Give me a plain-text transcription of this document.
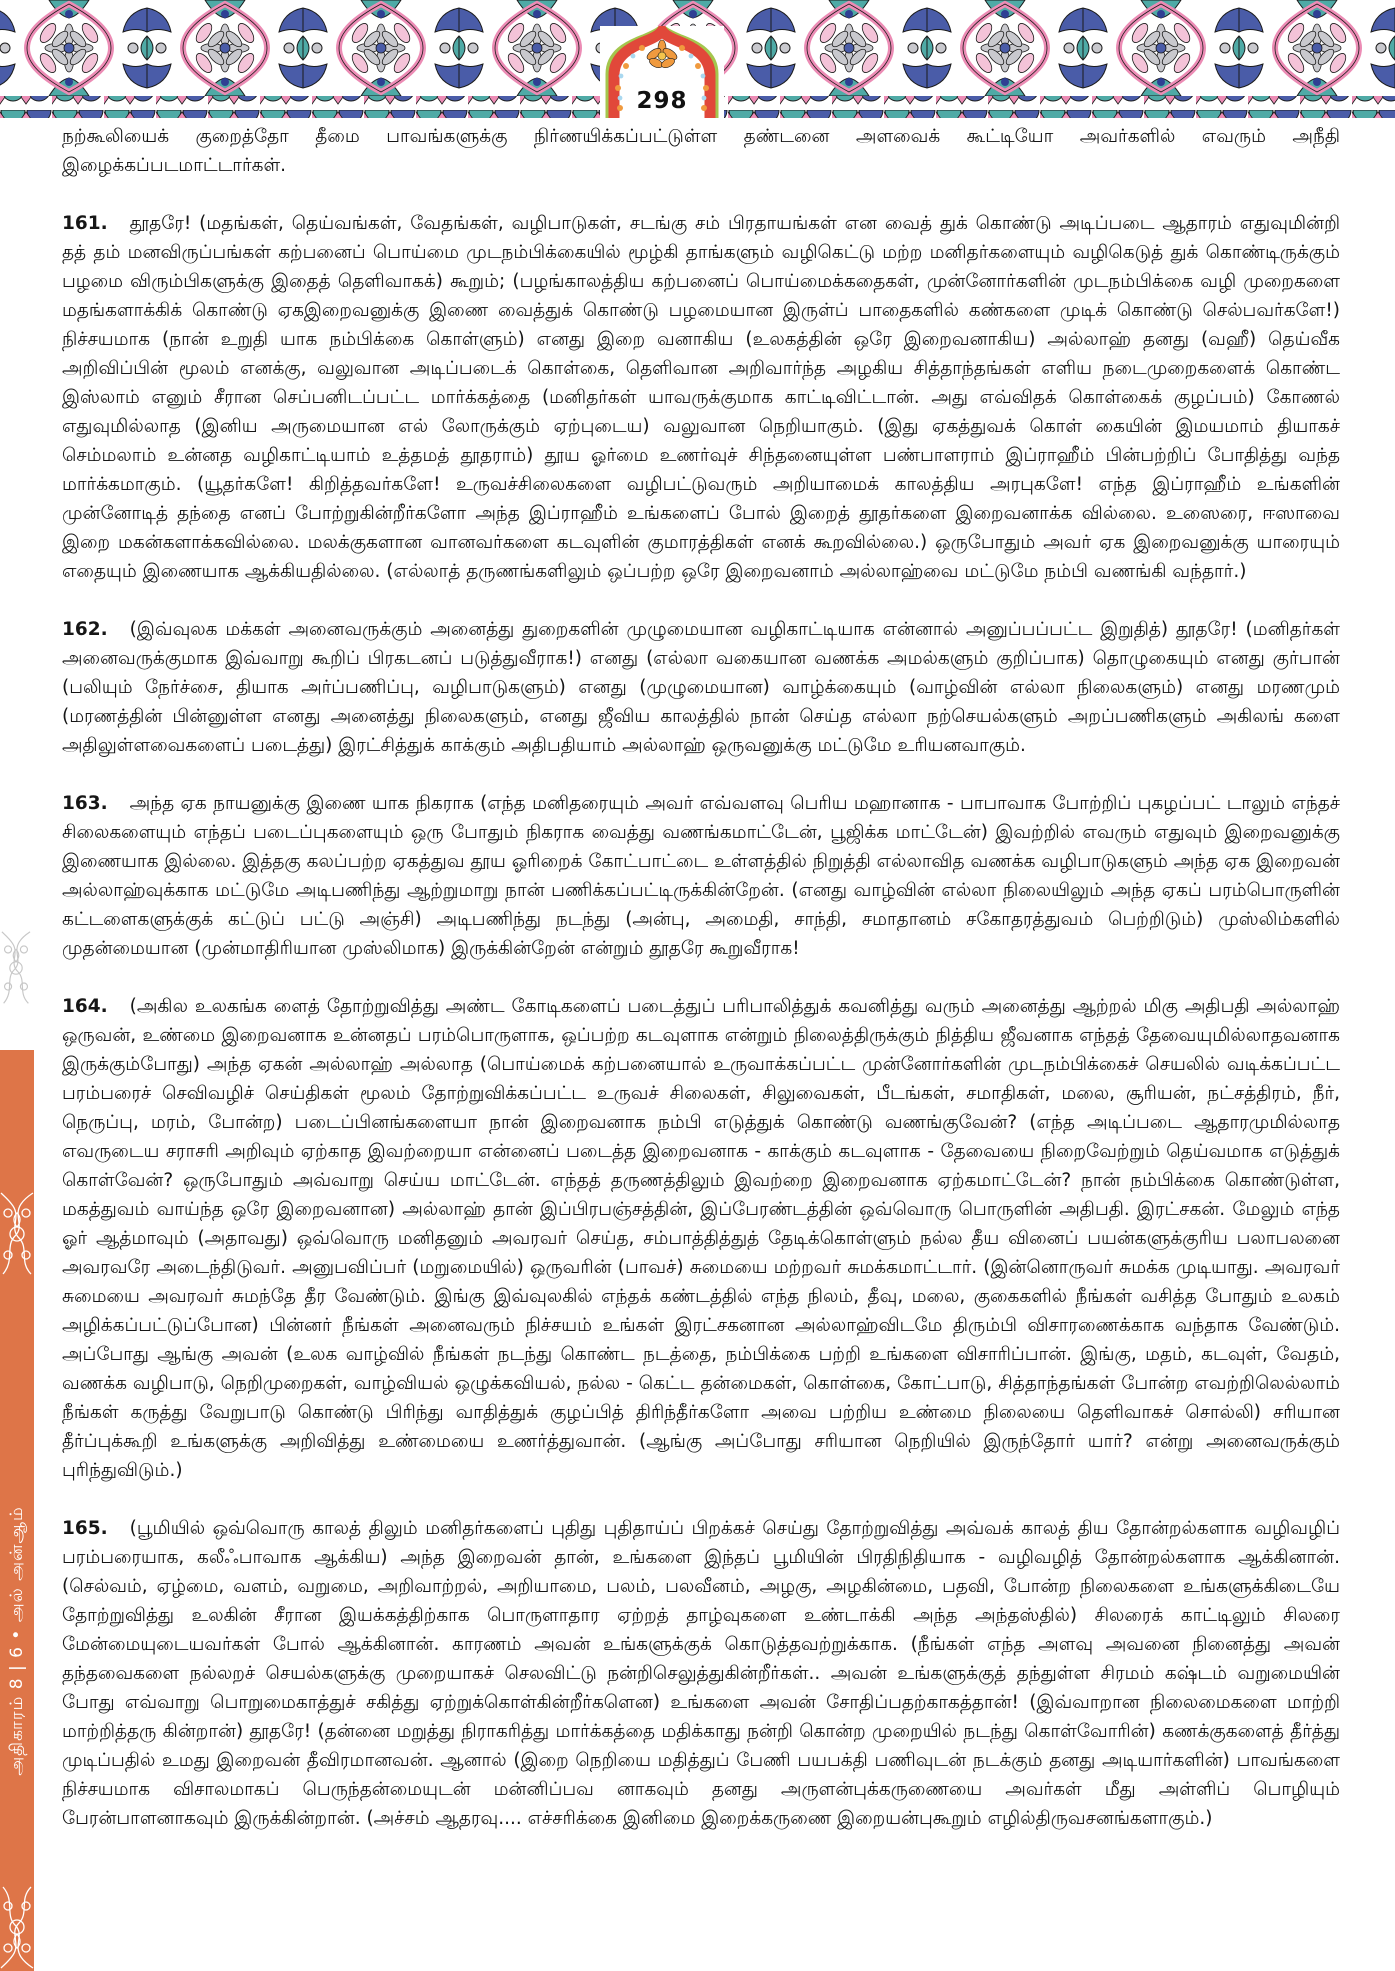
298
அதிகாரம் 8 | 6 • அல் அன்ஆம்

நற்கூலியைக் குறைத்தோ தீமை பாவங்களுக்கு நிர்ணயிக்கப்பட்டுள்ள தண்டனை அளவைக் கூட்டியோ அவர்களில் எவரும் அநீதி இழைக்கப்படமாட்டார்கள்.

161. தூதரே! (மதங்கள், தெய்வங்கள், வேதங்கள், வழிபாடுகள், சடங்கு சம் பிரதாயங்கள் என வைத் துக் கொண்டு அடிப்படை ஆதாரம் எதுவுமின்றி தத் தம் மனவிருப்பங்கள் கற்பனைப் பொய்மை முடநம்பிக்கையில் மூழ்கி தாங்களும் வழிகெட்டு மற்ற மனிதர்களையும் வழிகெடுத் துக் கொண்டிருக்கும் பழமை விரும்பிகளுக்கு இதைத் தெளிவாகக்) கூறும்; (பழங்காலத்திய கற்பனைப் பொய்மைக்கதைகள், முன்னோர்களின் முடநம்பிக்கை வழி முறைகளை மதங்களாக்கிக் கொண்டு ஏகஇறைவனுக்கு இணை வைத்துக் கொண்டு பழமையான இருள்ப் பாதைகளில் கண்களை முடிக் கொண்டு செல்பவர்களே!) நிச்சயமாக (நான் உறுதி யாக நம்பிக்கை கொள்ளும்) எனது இறை வனாகிய (உலகத்தின் ஒரே இறைவனாகிய) அல்லாஹ் தனது (வஹீ) தெய்வீக அறிவிப்பின் மூலம் எனக்கு, வலுவான அடிப்படைக் கொள்கை, தெளிவான அறிவார்ந்த அழகிய சித்தாந்தங்கள் எளிய நடைமுறைகளைக் கொண்ட இஸ்லாம் எனும் சீரான செப்பனிடப்பட்ட மார்க்கத்தை (மனிதர்கள் யாவருக்குமாக காட்டிவிட்டான். அது எவ்விதக் கொள்கைக் குழப்பம்) கோணல் எதுவுமில்லாத (இனிய அருமையான எல் லோருக்கும் ஏற்புடைய) வலுவான நெறியாகும். (இது ஏகத்துவக் கொள் கையின் இமயமாம் தியாகச் செம்மலாம் உன்னத வழிகாட்டியாம் உத்தமத் தூதராம்) தூய ஓர்மை உணர்வுச் சிந்தனையுள்ள பண்பாளராம் இப்ராஹீம் பின்பற்றிப் போதித்து வந்த மார்க்கமாகும். (யூதர்களே! கிறித்தவர்களே! உருவச்சிலைகளை வழிபட்டுவரும் அறியாமைக் காலத்திய அரபுகளே! எந்த இப்ராஹீம் உங்களின் முன்னோடித் தந்தை எனப் போற்றுகின்றீர்களோ அந்த இப்ராஹீம் உங்களைப் போல் இறைத் தூதர்களை இறைவனாக்க வில்லை. உஸைரை, ஈஸாவை இறை மகன்களாக்கவில்லை. மலக்குகளான வானவர்களை கடவுளின் குமாரத்திகள் எனக் கூறவில்லை.) ஒருபோதும் அவர் ஏக இறைவனுக்கு யாரையும் எதையும் இணையாக ஆக்கியதில்லை. (எல்லாத் தருணங்களிலும் ஒப்பற்ற ஒரே இறைவனாம் அல்லாஹ்வை மட்டுமே நம்பி வணங்கி வந்தார்.)

162. (இவ்வுலக மக்கள் அனைவருக்கும் அனைத்து துறைகளின் முழுமையான வழிகாட்டியாக என்னால் அனுப்பப்பட்ட இறுதித்) தூதரே! (மனிதர்கள் அனைவருக்குமாக இவ்வாறு கூறிப் பிரகடனப் படுத்துவீராக!) எனது (எல்லா வகையான வணக்க அமல்களும் குறிப்பாக) தொழுகையும் எனது குர்பான் (பலியும் நேர்ச்சை, தியாக அர்ப்பணிப்பு, வழிபாடுகளும்) எனது (முழுமையான) வாழ்க்கையும் (வாழ்வின் எல்லா நிலைகளும்) எனது மரணமும் (மரணத்தின் பின்னுள்ள எனது அனைத்து நிலைகளும், எனது ஜீவிய காலத்தில் நான் செய்த எல்லா நற்செயல்களும் அறப்பணிகளும் அகிலங் களை அதிலுள்ளவைகளைப் படைத்து) இரட்சித்துக் காக்கும் அதிபதியாம் அல்லாஹ் ஒருவனுக்கு மட்டுமே உரியனவாகும்.

163. அந்த ஏக நாயனுக்கு இணை யாக நிகராக (எந்த மனிதரையும் அவர் எவ்வளவு பெரிய மஹானாக - பாபாவாக போற்றிப் புகழப்பட் டாலும் எந்தச் சிலைகளையும் எந்தப் படைப்புகளையும் ஒரு போதும் நிகராக வைத்து வணங்கமாட்டேன், பூஜிக்க மாட்டேன்) இவற்றில் எவரும் எதுவும் இறைவனுக்கு இணையாக இல்லை. இத்தகு கலப்பற்ற ஏகத்துவ தூய ஓரிறைக் கோட்பாட்டை உள்ளத்தில் நிறுத்தி எல்லாவித வணக்க வழிபாடுகளும் அந்த ஏக இறைவன் அல்லாஹ்வுக்காக மட்டுமே அடிபணிந்து ஆற்றுமாறு நான் பணிக்கப்பட்டிருக்கின்றேன். (எனது வாழ்வின் எல்லா நிலையிலும் அந்த ஏகப் பரம்பொருளின் கட்டளைகளுக்குக் கட்டுப் பட்டு அஞ்சி) அடிபணிந்து நடந்து (அன்பு, அமைதி, சாந்தி, சமாதானம் சகோதரத்துவம் பெற்றிடும்) முஸ்லிம்களில் முதன்மையான (முன்மாதிரியான முஸ்லிமாக) இருக்கின்றேன் என்றும் தூதரே கூறுவீராக!

164. (அகில உலகங்க ளைத் தோற்றுவித்து அண்ட கோடிகளைப் படைத்துப் பரிபாலித்துக் கவனித்து வரும் அனைத்து ஆற்றல் மிகு அதிபதி அல்லாஹ் ஒருவன், உண்மை இறைவனாக உன்னதப் பரம்பொருளாக, ஒப்பற்ற கடவுளாக என்றும் நிலைத்திருக்கும் நித்திய ஜீவனாக எந்தத் தேவையுமில்லாதவனாக இருக்கும்போது) அந்த ஏகன் அல்லாஹ் அல்லாத (பொய்மைக் கற்பனையால் உருவாக்கப்பட்ட முன்னோர்களின் முடநம்பிக்கைச் செயலில் வடிக்கப்பட்ட பரம்பரைச் செவிவழிச் செய்திகள் மூலம் தோற்றுவிக்கப்பட்ட உருவச் சிலைகள், சிலுவைகள், பீடங்கள், சமாதிகள், மலை, சூரியன், நட்சத்திரம், நீர், நெருப்பு, மரம், போன்ற) படைப்பினங்களையா நான் இறைவனாக நம்பி எடுத்துக் கொண்டு வணங்குவேன்? (எந்த அடிப்படை ஆதாரமுமில்லாத எவருடைய சராசரி அறிவும் ஏற்காத இவற்றையா என்னைப் படைத்த இறைவனாக - காக்கும் கடவுளாக - தேவையை நிறைவேற்றும் தெய்வமாக எடுத்துக் கொள்வேன்? ஒருபோதும் அவ்வாறு செய்ய மாட்டேன். எந்தத் தருணத்திலும் இவற்றை இறைவனாக ஏற்கமாட்டேன்? நான் நம்பிக்கை கொண்டுள்ள, மகத்துவம் வாய்ந்த ஒரே இறைவனான) அல்லாஹ் தான் இப்பிரபஞ்சத்தின், இப்பேரண்டத்தின் ஒவ்வொரு பொருளின் அதிபதி. இரட்சகன். மேலும் எந்த ஓர் ஆத்மாவும் (அதாவது) ஒவ்வொரு மனிதனும் அவரவர் செய்த, சம்பாத்தித்துத் தேடிக்கொள்ளும் நல்ல தீய வினைப் பயன்களுக்குரிய பலாபலனை அவரவரே அடைந்திடுவர். அனுபவிப்பர் (மறுமையில்) ஒருவரின் (பாவச்) சுமையை மற்றவர் சுமக்கமாட்டார். (இன்னொருவர் சுமக்க முடியாது. அவரவர் சுமையை அவரவர் சுமந்தே தீர வேண்டும். இங்கு இவ்வுலகில் எந்தக் கண்டத்தில் எந்த நிலம், தீவு, மலை, குகைகளில் நீங்கள் வசித்த போதும் உலகம் அழிக்கப்பட்டுப்போன) பின்னர் நீங்கள் அனைவரும் நிச்சயம் உங்கள் இரட்சகனான அல்லாஹ்விடமே திரும்பி விசாரணைக்காக வந்தாக வேண்டும். அப்போது ஆங்கு அவன் (உலக வாழ்வில் நீங்கள் நடந்து கொண்ட நடத்தை, நம்பிக்கை பற்றி உங்களை விசாரிப்பான். இங்கு, மதம், கடவுள், வேதம், வணக்க வழிபாடு, நெறிமுறைகள், வாழ்வியல் ஒழுக்கவியல், நல்ல - கெட்ட தன்மைகள், கொள்கை, கோட்பாடு, சித்தாந்தங்கள் போன்ற எவற்றிலெல்லாம் நீங்கள் கருத்து வேறுபாடு கொண்டு பிரிந்து வாதித்துக் குழப்பித் திரிந்தீர்களோ அவை பற்றிய உண்மை நிலையை தெளிவாகச் சொல்லி) சரியான தீர்ப்புக்கூறி உங்களுக்கு அறிவித்து உண்மையை உணர்த்துவான். (ஆங்கு அப்போது சரியான நெறியில் இருந்தோர் யார்? என்று அனைவருக்கும் புரிந்துவிடும்.)

165. (பூமியில் ஒவ்வொரு காலத் திலும் மனிதர்களைப் புதிது புதிதாய்ப் பிறக்கச் செய்து தோற்றுவித்து அவ்வக் காலத் திய தோன்றல்களாக வழிவழிப் பரம்பரையாக, கலீஃபாவாக ஆக்கிய) அந்த இறைவன் தான், உங்களை இந்தப் பூமியின் பிரதிநிதியாக - வழிவழித் தோன்றல்களாக ஆக்கினான். (செல்வம், ஏழ்மை, வளம், வறுமை, அறிவாற்றல், அறியாமை, பலம், பலவீனம், அழகு, அழகின்மை, பதவி, போன்ற நிலைகளை உங்களுக்கிடையே தோற்றுவித்து உலகின் சீரான இயக்கத்திற்காக பொருளாதார ஏற்றத் தாழ்வுகளை உண்டாக்கி அந்த அந்தஸ்தில்) சிலரைக் காட்டிலும் சிலரை மேன்மையுடையவர்கள் போல் ஆக்கினான். காரணம் அவன் உங்களுக்குக் கொடுத்தவற்றுக்காக. (நீங்கள் எந்த அளவு அவனை நினைத்து அவன் தந்தவைகளை நல்லறச் செயல்களுக்கு முறையாகச் செலவிட்டு நன்றிசெலுத்துகின்றீர்கள்.. அவன் உங்களுக்குத் தந்துள்ள சிரமம் கஷ்டம் வறுமையின் போது எவ்வாறு பொறுமைகாத்துச் சகித்து ஏற்றுக்கொள்கின்றீர்களென) உங்களை அவன் சோதிப்பதற்காகத்தான்! (இவ்வாறான நிலைமைகளை மாற்றி மாற்றித்தரு கின்றான்) தூதரே! (தன்னை மறுத்து நிராகரித்து மார்க்கத்தை மதிக்காது நன்றி கொன்ற முறையில் நடந்து கொள்வோரின்) கணக்குகளைத் தீர்த்து முடிப்பதில் உமது இறைவன் தீவிரமானவன். ஆனால் (இறை நெறியை மதித்துப் பேணி பயபக்தி பணிவுடன் நடக்கும் தனது அடியார்களின்) பாவங்களை நிச்சயமாக விசாலமாகப் பெருந்தன்மையுடன் மன்னிப்பவ னாகவும் தனது அருளன்புக்கருணையை அவர்கள் மீது அள்ளிப் பொழியும் பேரன்பாளனாகவும் இருக்கின்றான். (அச்சம் ஆதரவு.... எச்சரிக்கை இனிமை இறைக்கருணை இறையன்புகூறும் எழில்திருவசனங்களாகும்.)
